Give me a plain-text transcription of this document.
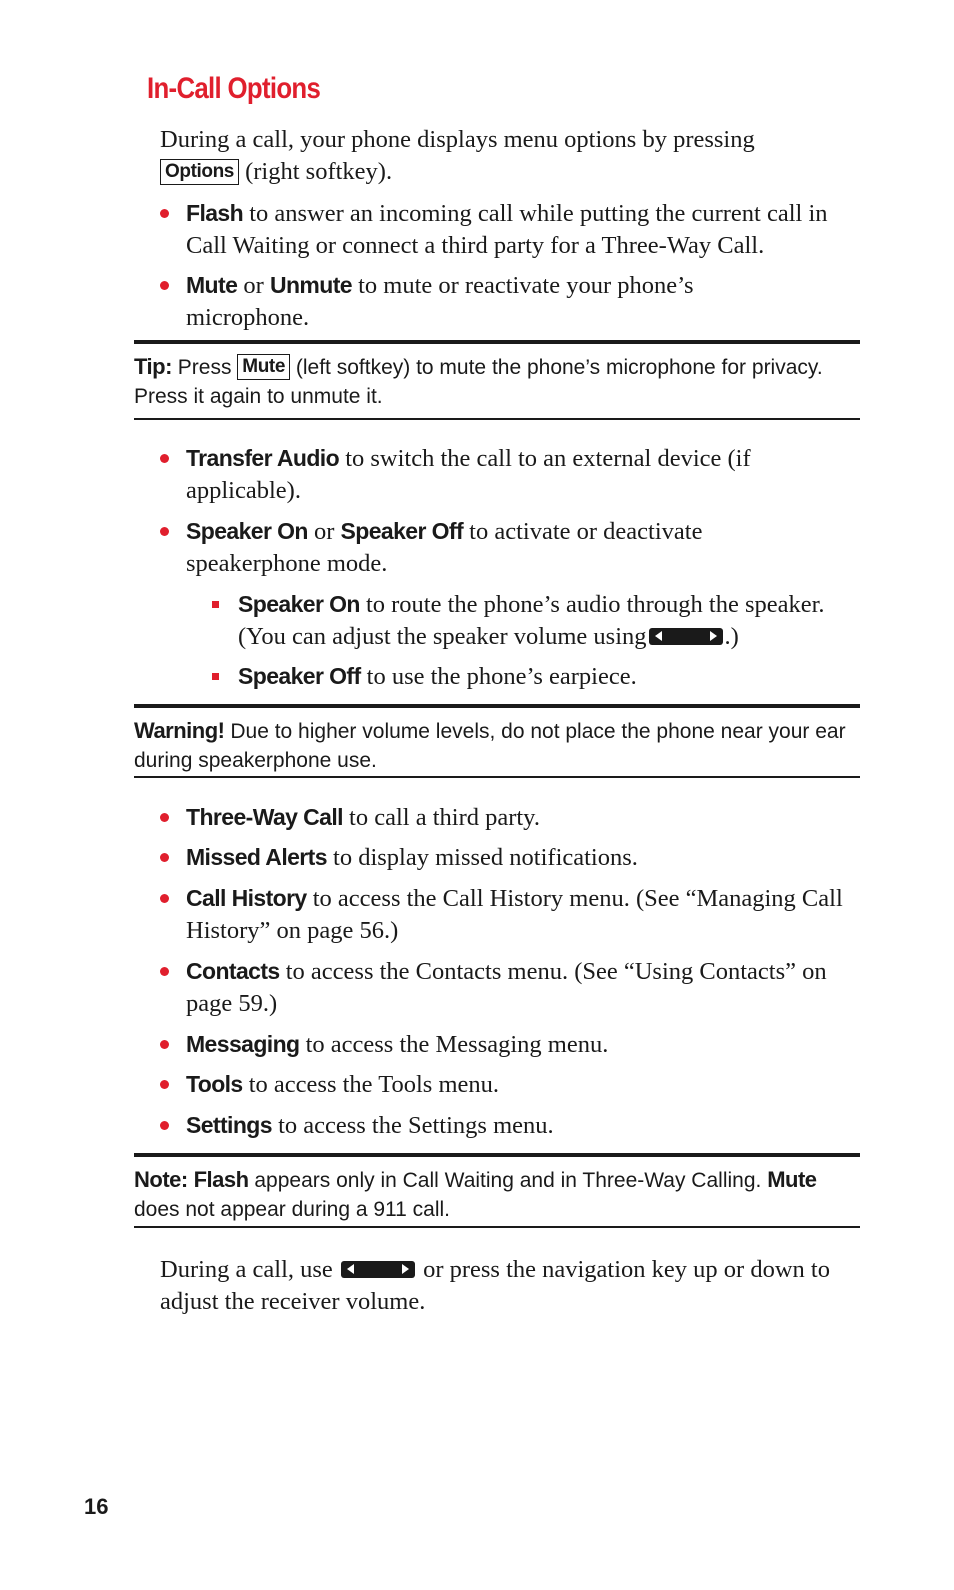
In-Call Options
During a call, your phone displays menu options by pressing
Options (right softkey).
Flash to answer an incoming call while putting the current call in Call Waiting or connect a third party for a Three-Way Call.
Mute or Unmute to mute or reactivate your phone’s microphone.
Tip: Press Mute (left softkey) to mute the phone’s microphone for privacy. Press it again to unmute it.
Transfer Audio to switch the call to an external device (if applicable).
Speaker On or Speaker Off to activate or deactivate speakerphone mode.
Speaker On to route the phone’s audio through the speaker. (You can adjust the speaker volume using	.)
Speaker Off to use the phone’s earpiece.
Warning! Due to higher volume levels, do not place the phone near your ear during speakerphone use.
Three-Way Call to call a third party.
Missed Alerts to display missed notifications.
Call History to access the Call History menu. (See “Managing Call History” on page 56.)
Contacts to access the Contacts menu. (See “Using Contacts” on page 59.)
Messaging to access the Messaging menu.
Tools to access the Tools menu.
Settings to access the Settings menu.
Note: Flash appears only in Call Waiting and in Three-Way Calling. Mute does not appear during a 911 call.
During a call, use	or press the navigation key up or down to adjust the receiver volume.
16
